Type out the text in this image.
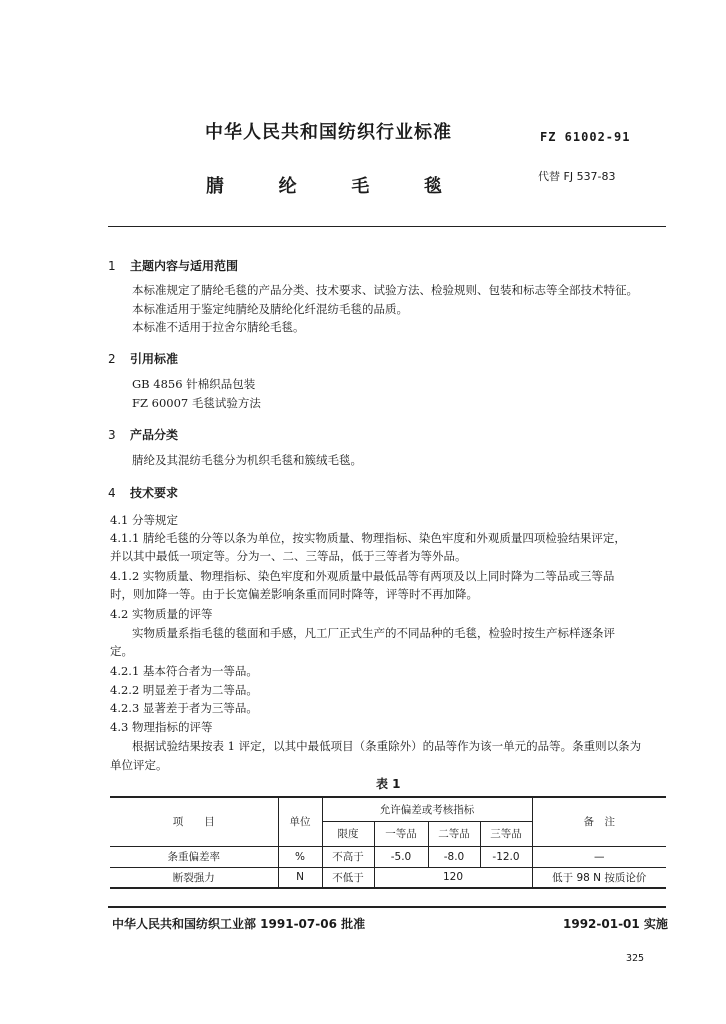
中华人民共和国纺织行业标准	FZ 61002-91
腈	纶	毛	毯	代替 FJ 537-83
1 主题内容与适用范围
本标准规定了腈纶毛毯的产品分类、技术要求、试验方法、检验规则、包装和标志等全部技术特征。
本标准适用于鉴定纯腈纶及腈纶化纤混纺毛毯的品质。
本标准不适用于拉舍尔腈纶毛毯。
2 引用标准
GB 4856 针棉织品包装
FZ 60007 毛毯试验方法
3 产品分类
腈纶及其混纺毛毯分为机织毛毯和簇绒毛毯。
4 技术要求
4.1 分等规定
4.1.1 腈纶毛毯的分等以条为单位，按实物质量、物理指标、染色牢度和外观质量四项检验结果评定，
并以其中最低一项定等。分为一、二、三等品，低于三等者为等外品。
4.1.2 实物质量、物理指标、染色牢度和外观质量中最低品等有两项及以上同时降为二等品或三等品
时，则加降一等。由于长宽偏差影响条重而同时降等，评等时不再加降。
4.2 实物质量的评等
实物质量系指毛毯的毯面和手感，凡工厂正式生产的不同品种的毛毯，检验时按生产标样逐条评
定。
4.2.1 基本符合者为一等品。
4.2.2 明显差于者为二等品。
4.2.3 显著差于者为三等品。
4.3 物理指标的评等
根据试验结果按表 1 评定，以其中最低项目（条重除外）的品等作为该一单元的品等。条重则以条为
单位评定。
表 1
项　　目	单位	允许偏差或考核指标				备　注
		限度	一等品	二等品	三等品	
条重偏差率	%	不高于	-5.0	-8.0	-12.0	—
断裂强力	N	不低于	120			低于 98 N 按质论价
中华人民共和国纺织工业部 1991-07-06 批准	1992-01-01 实施
325
